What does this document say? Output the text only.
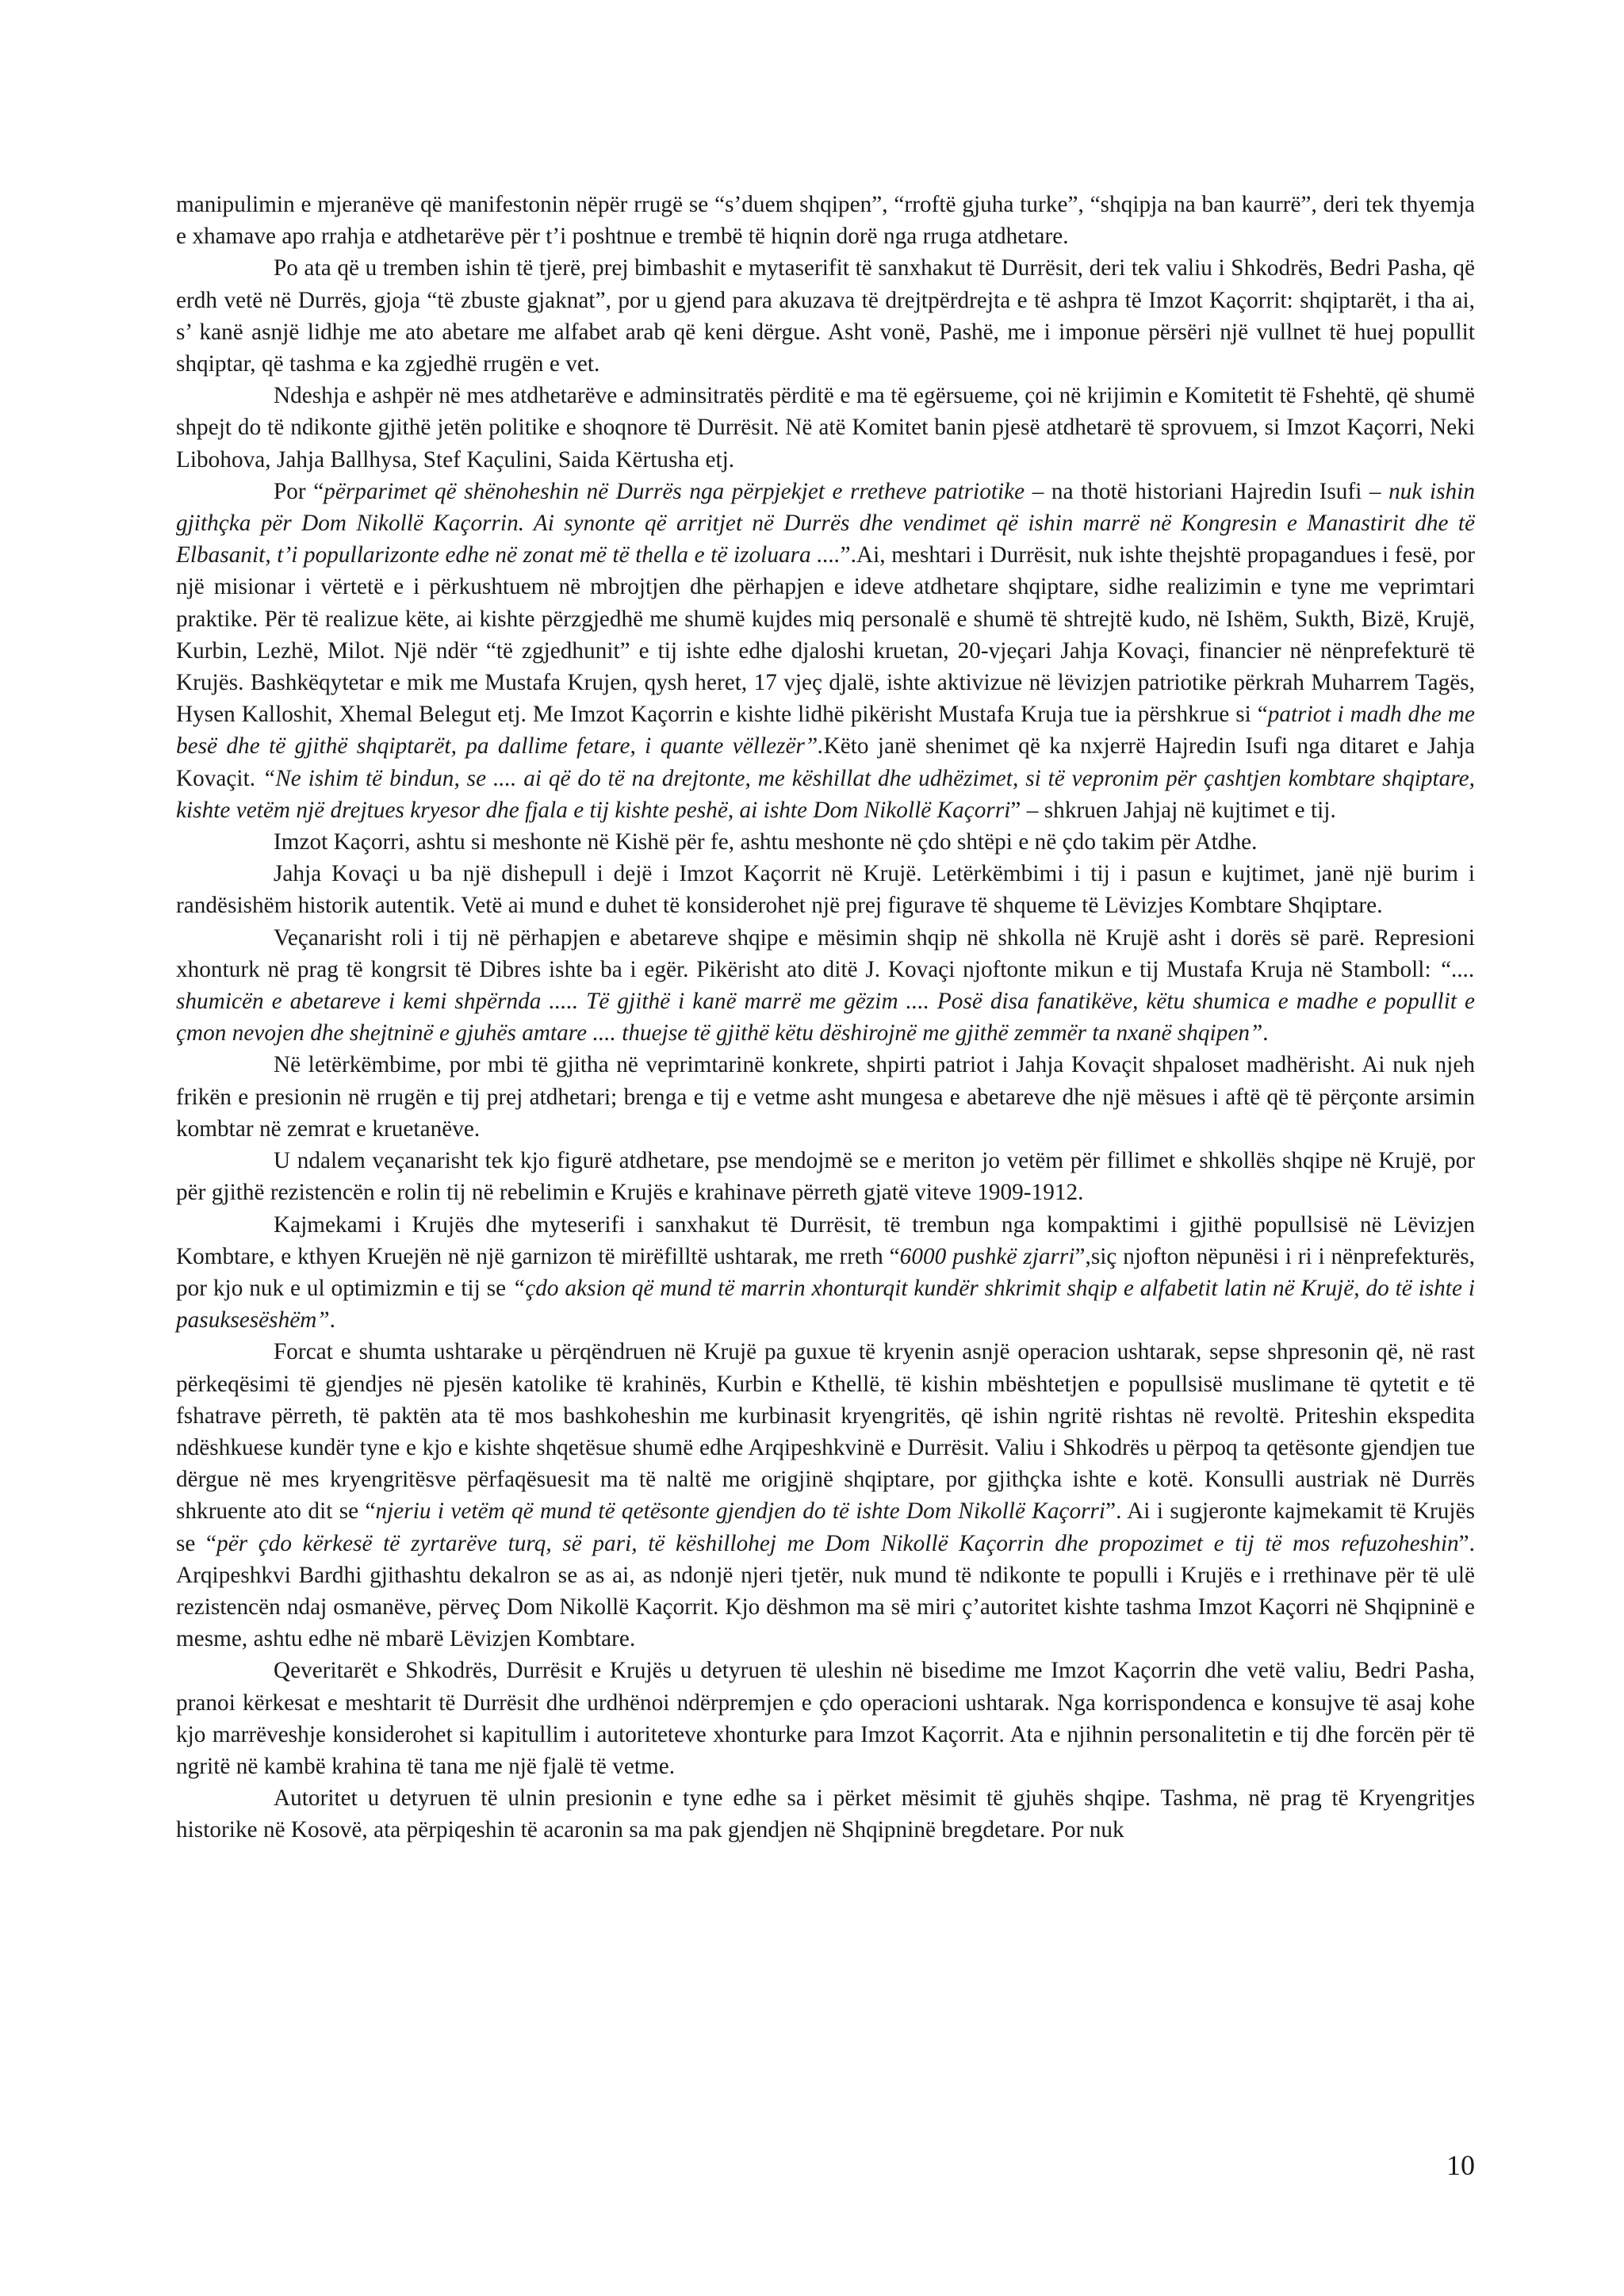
manipulimin e mjeranëve që manifestonin nëpër rrugë se “s’duem shqipen”, “rroftë gjuha turke”, “shqipja na ban kaurrë”, deri tek thyemja e xhamave apo rrahja e atdhetarëve për t’i poshtnue e trembë të hiqnin dorë nga rruga atdhetare.

Po ata që u tremben ishin të tjerë, prej bimbashit e mytaserifit të sanxhakut të Durrësit, deri tek valiu i Shkodrës, Bedri Pasha, që erdh vetë në Durrës, gjoja “të zbuste gjaknat”, por u gjend para akuzava të drejtpërdrejta e të ashpra të Imzot Kaçorrit: shqiptarët, i tha ai, s’ kanë asnjë lidhje me ato abetare me alfabet arab që keni dërgue. Asht vonë, Pashë, me i imponue përsëri një vullnet të huej popullit shqiptar, që tashma e ka zgjedhë rrugën e vet.

Ndeshja e ashpër në mes atdhetarëve e adminsitratës përditë e ma të egërsueme, çoi në krijimin e Komitetit të Fshehtë, që shumë shpejt do të ndikonte gjithë jetën politike e shoqnore të Durrësit. Në atë Komitet banin pjesë atdhetarë të sprovuem, si Imzot Kaçorri, Neki Libohova, Jahja Ballhysa, Stef Kaçulini, Saida Kërtusha etj.

Por “përparimet që shënoheshin në Durrës nga përpjekjet e rretheve patriotike – na thotë historiani Hajredin Isufi – nuk ishin gjithçka për Dom Nikollë Kaçorrin. Ai synonte që arritjet në Durrës dhe vendimet që ishin marrë në Kongresin e Manastirit dhe të Elbasanit, t’i popullarizonte edhe në zonat më të thella e të izoluara ....”.Ai, meshtari i Durrësit, nuk ishte thejshtë propagandues i fesë, por një misionar i vërtetë e i përkushtuem në mbrojtjen dhe përhapjen e ideve atdhetare shqiptare, sidhe realizimin e tyne me veprimtari praktike. Për të realizue këte, ai kishte përzgjedhë me shumë kujdes miq personalë e shumë të shtrejtë kudo, në Ishëm, Sukth, Bizë, Krujë, Kurbin, Lezhë, Milot. Një ndër “të zgjedhunit” e tij ishte edhe djaloshi kruetan, 20-vjeçari Jahja Kovaçi, financier në nënprefekturë të Krujës. Bashkëqytetar e mik me Mustafa Krujen, qysh heret, 17 vjeç djalë, ishte aktivizue në lëvizjen patriotike përkrah Muharrem Tagës, Hysen Kalloshit, Xhemal Belegut etj. Me Imzot Kaçorrin e kishte lidhë pikërisht Mustafa Kruja tue ia përshkrue si “patriot i madh dhe me besë dhe të gjithë shqiptarët, pa dallime fetare, i quante vëllezër”.Këto janë shenimet që ka nxjerrë Hajredin Isufi nga ditaret e Jahja Kovaçit. “Ne ishim të bindun, se .... ai që do të na drejtonte, me këshillat dhe udhëzimet, si të vepronim për çashtjen kombtare shqiptare, kishte vetëm një drejtues kryesor dhe fjala e tij kishte peshë, ai ishte Dom Nikollë Kaçorri” – shkruen Jahjaj në kujtimet e tij.

Imzot Kaçorri, ashtu si meshonte në Kishë për fe, ashtu meshonte në çdo shtëpi e në çdo takim për Atdhe.

Jahja Kovaçi u ba një dishepull i dejë i Imzot Kaçorrit në Krujë. Letërkëmbimi i tij i pasun e kujtimet, janë një burim i randësishëm historik autentik. Vetë ai mund e duhet të konsiderohet një prej figurave të shqueme të Lëvizjes Kombtare Shqiptare.

Veçanarisht roli i tij në përhapjen e abetareve shqipe e mësimin shqip në shkolla në Krujë asht i dorës së parë. Represioni xhonturk në prag të kongrsit të Dibres ishte ba i egër. Pikërisht ato ditë J. Kovaçi njoftonte mikun e tij Mustafa Kruja në Stamboll: “.... shumicën e abetareve i kemi shpërnda ..... Të gjithë i kanë marrë me gëzim .... Posë disa fanatikëve, këtu shumica e madhe e popullit e çmon nevojen dhe shejtninë e gjuhës amtare .... thuejse të gjithë këtu dëshirojnë me gjithë zemmër ta nxanë shqipen”.

Në letërkëmbime, por mbi të gjitha në veprimtarinë konkrete, shpirti patriot i Jahja Kovaçit shpaloset madhërisht. Ai nuk njeh frikën e presionin në rrugën e tij prej atdhetari; brenga e tij e vetme asht mungesa e abetareve dhe një mësues i aftë që të përçonte arsimin kombtar në zemrat e kruetanëve.

U ndalem veçanarisht tek kjo figurë atdhetare, pse mendojmë se e meriton jo vetëm për fillimet e shkollës shqipe në Krujë, por për gjithë rezistencën e rolin tij në rebelimin e Krujës e krahinave përreth gjatë viteve 1909-1912.

Kajmekami i Krujës dhe myteserifi i sanxhakut të Durrësit, të trembun nga kompaktimi i gjithë popullsisë në Lëvizjen Kombtare, e kthyen Kruejën në një garnizon të mirëfilltë ushtarak, me rreth “6000 pushkë zjarri”,siç njofton nëpunësi i ri i nënprefekturës, por kjo nuk e ul optimizmin e tij se “çdo aksion që mund të marrin xhonturqit kundër shkrimit shqip e alfabetit latin në Krujë, do të ishte i pasuksesëshëm”.

Forcat e shumta ushtarake u përqëndruen në Krujë pa guxue të kryenin asnjë operacion ushtarak, sepse shpresonin që, në rast përkeqësimi të gjendjes në pjesën katolike të krahinës, Kurbin e Kthellë, të kishin mbështetjen e popullsisë muslimane të qytetit e të fshatrave përreth, të paktën ata të mos bashkoheshin me kurbinasit kryengritës, që ishin ngritë rishtas në revoltë. Priteshin ekspedita ndëshkuese kundër tyne e kjo e kishte shqetësue shumë edhe Arqipeshkvinë e Durrësit. Valiu i Shkodrës u përpoq ta qetësonte gjendjen tue dërgue në mes kryengritësve përfaqësuesit ma të naltë me origjinë shqiptare, por gjithçka ishte e kotë. Konsulli austriak në Durrës shkruente ato dit se “njeriu i vetëm që mund të qetësonte gjendjen do të ishte Dom Nikollë Kaçorri”. Ai i sugjeronte kajmekamit të Krujës se “për çdo kërkesë të zyrtarëve turq, së pari, të këshillohej me Dom Nikollë Kaçorrin dhe propozimet e tij të mos refuzoheshin”. Arqipeshkvi Bardhi gjithashtu dekalron se as ai, as ndonjë njeri tjetër, nuk mund të ndikonte te populli i Krujës e i rrethinave për të ulë rezistencën ndaj osmanëve, përveç Dom Nikollë Kaçorrit. Kjo dëshmon ma së miri ç’autoritet kishte tashma Imzot Kaçorri në Shqipninë e mesme, ashtu edhe në mbarë Lëvizjen Kombtare.

Qeveritarët e Shkodrës, Durrësit e Krujës u detyruen të uleshin në bisedime me Imzot Kaçorrin dhe vetë valiu, Bedri Pasha, pranoi kërkesat e meshtarit të Durrësit dhe urdhënoi ndërpremjen e çdo operacioni ushtarak. Nga korrispondenca e konsujve të asaj kohe kjo marrëveshje konsiderohet si kapitullim i autoriteteve xhonturke para Imzot Kaçorrit. Ata e njihnin personalitetin e tij dhe forcën për të ngritë në kambë krahina të tana me një fjalë të vetme.

Autoritet u detyruen të ulnin presionin e tyne edhe sa i përket mësimit të gjuhës shqipe. Tashma, në prag të Kryengritjes historike në Kosovë, ata përpiqeshin të acaronin sa ma pak gjendjen në Shqipninë bregdetare. Por nuk

10
